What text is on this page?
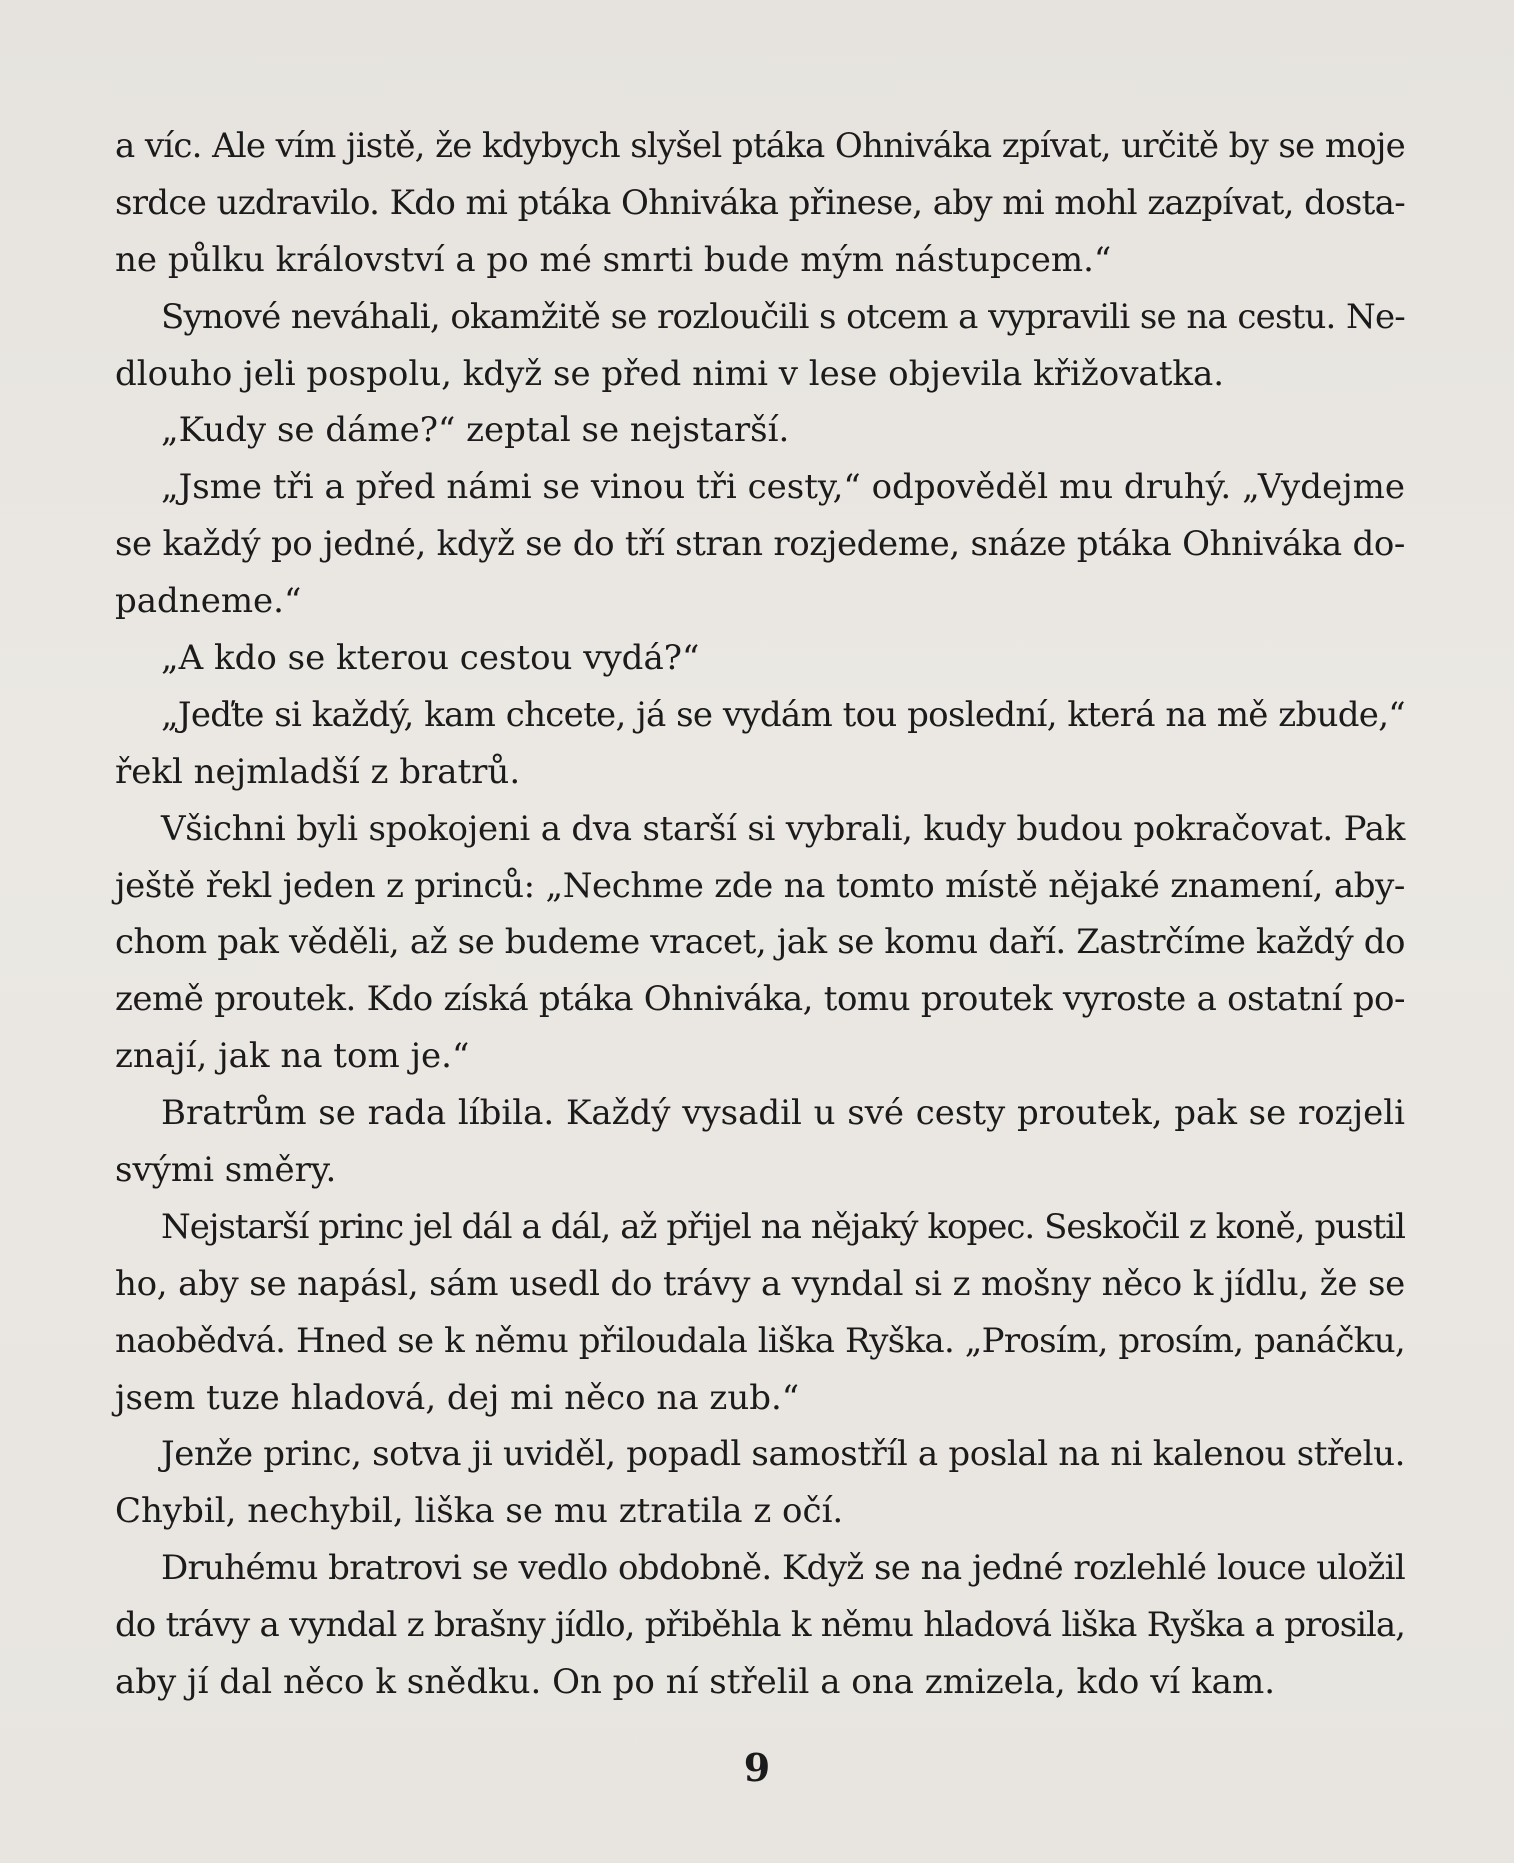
a víc. Ale vím jistě, že kdybych slyšel ptáka Ohniváka zpívat, určitě by se moje
srdce uzdravilo. Kdo mi ptáka Ohniváka přinese, aby mi mohl zazpívat, dosta-
ne půlku království a po mé smrti bude mým nástupcem.“
Synové neváhali, okamžitě se rozloučili s otcem a vypravili se na cestu. Ne-
dlouho jeli pospolu, když se před nimi v lese objevila křižovatka.
„Kudy se dáme?“ zeptal se nejstarší.
„Jsme tři a před námi se vinou tři cesty,“ odpověděl mu druhý. „Vydejme
se každý po jedné, když se do tří stran rozjedeme, snáze ptáka Ohniváka do-
padneme.“
„A kdo se kterou cestou vydá?“
„Jeďte si každý, kam chcete, já se vydám tou poslední, která na mě zbude,“
řekl nejmladší z bratrů.
Všichni byli spokojeni a dva starší si vybrali, kudy budou pokračovat. Pak
ještě řekl jeden z princů: „Nechme zde na tomto místě nějaké znamení, aby-
chom pak věděli, až se budeme vracet, jak se komu daří. Zastrčíme každý do
země proutek. Kdo získá ptáka Ohniváka, tomu proutek vyroste a ostatní po-
znají, jak na tom je.“
Bratrům se rada líbila. Každý vysadil u své cesty proutek, pak se rozjeli
svými směry.
Nejstarší princ jel dál a dál, až přijel na nějaký kopec. Seskočil z koně, pustil
ho, aby se napásl, sám usedl do trávy a vyndal si z mošny něco k jídlu, že se
naobědvá. Hned se k němu přiloudala liška Ryška. „Prosím, prosím, panáčku,
jsem tuze hladová, dej mi něco na zub.“
Jenže princ, sotva ji uviděl, popadl samostříl a poslal na ni kalenou střelu.
Chybil, nechybil, liška se mu ztratila z očí.
Druhému bratrovi se vedlo obdobně. Když se na jedné rozlehlé louce uložil
do trávy a vyndal z brašny jídlo, přiběhla k němu hladová liška Ryška a prosila,
aby jí dal něco k snědku. On po ní střelil a ona zmizela, kdo ví kam.
9
